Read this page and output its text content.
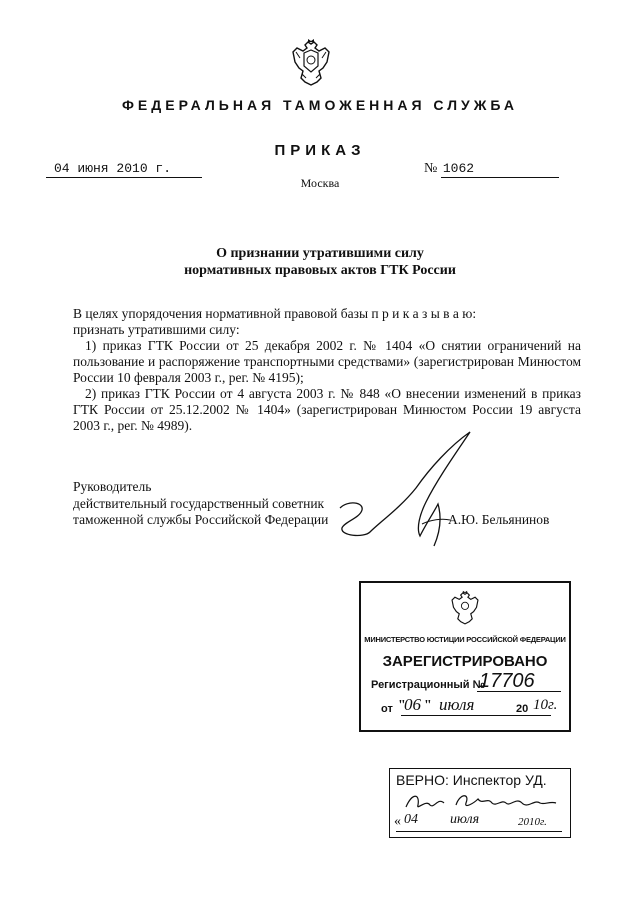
ФЕДЕРАЛЬНАЯ ТАМОЖЕННАЯ СЛУЖБА
ПРИКАЗ
04 июня 2010 г.	№ 1062
Москва
О признании утратившими силу
нормативных правовых актов ГТК России

В целях упорядочения нормативной правовой базы п р и к а з ы в а ю:

признать утратившими силу:

1) приказ ГТК России от 25 декабря 2002 г. № 1404 «О снятии ограничений на пользование и распоряжение транспортными средствами» (зарегистрирован Минюстом России 10 февраля 2003 г., рег. № 4195);

2) приказ ГТК России от 4 августа 2003 г. № 848 «О внесении изменений в приказ ГТК России от 25.12.2002 № 1404» (зарегистрирован Минюстом России 19 августа 2003 г., рег. № 4989).

Руководитель
действительный государственный советник
таможенной службы Российской Федерации	А.Ю. Бельянинов
МИНИСТЕРСТВО ЮСТИЦИИ РОССИЙСКОЙ ФЕДЕРАЦИИ
ЗАРЕГИСТРИРОВАНО
Регистрационный №
17706
от "
06 " июля	20 10г.
ВЕРНО: Инспектор УД.
« 04 июля	2010г.
